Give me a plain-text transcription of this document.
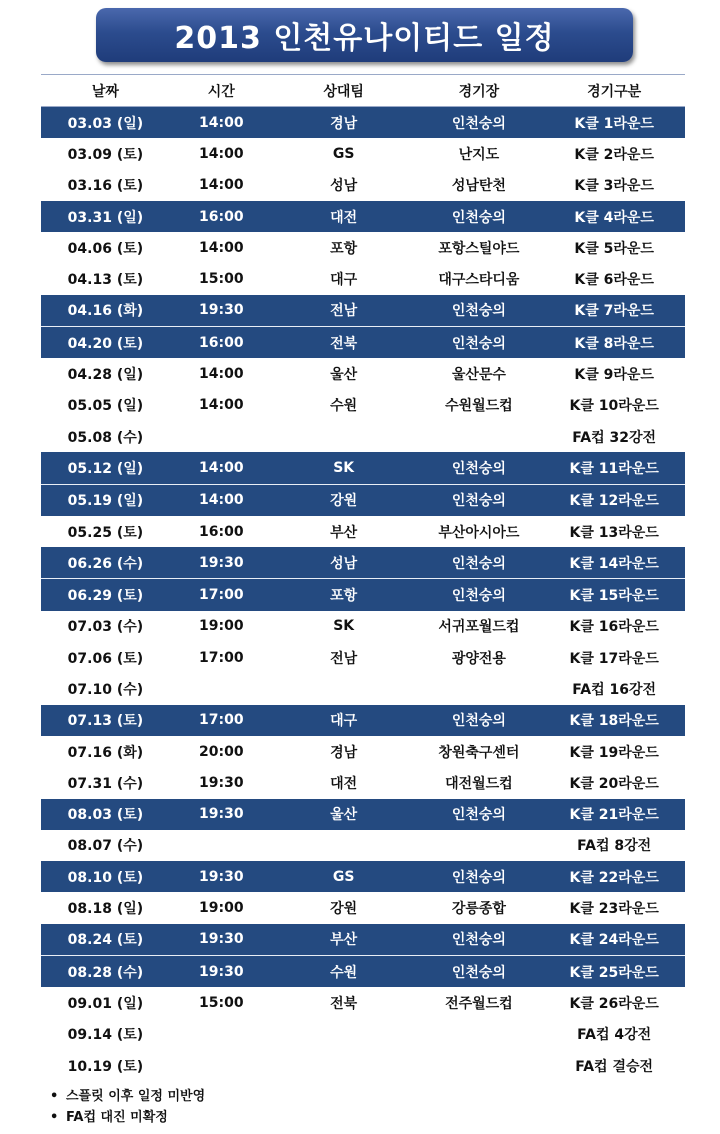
2013 인천유나이티드 일정
날짜	시간	상대팀	경기장	경기구분
03.03 (일)	14:00	경남	인천숭의	K클 1라운드
03.09 (토)	14:00	GS	난지도	K클 2라운드
03.16 (토)	14:00	성남	성남탄천	K클 3라운드
03.31 (일)	16:00	대전	인천숭의	K클 4라운드
04.06 (토)	14:00	포항	포항스틸야드	K클 5라운드
04.13 (토)	15:00	대구	대구스타디움	K클 6라운드
04.16 (화)	19:30	전남	인천숭의	K클 7라운드
04.20 (토)	16:00	전북	인천숭의	K클 8라운드
04.28 (일)	14:00	울산	울산문수	K클 9라운드
05.05 (일)	14:00	수원	수원월드컵	K클 10라운드
05.08 (수)				FA컵 32강전
05.12 (일)	14:00	SK	인천숭의	K클 11라운드
05.19 (일)	14:00	강원	인천숭의	K클 12라운드
05.25 (토)	16:00	부산	부산아시아드	K클 13라운드
06.26 (수)	19:30	성남	인천숭의	K클 14라운드
06.29 (토)	17:00	포항	인천숭의	K클 15라운드
07.03 (수)	19:00	SK	서귀포월드컵	K클 16라운드
07.06 (토)	17:00	전남	광양전용	K클 17라운드
07.10 (수)				FA컵 16강전
07.13 (토)	17:00	대구	인천숭의	K클 18라운드
07.16 (화)	20:00	경남	창원축구센터	K클 19라운드
07.31 (수)	19:30	대전	대전월드컵	K클 20라운드
08.03 (토)	19:30	울산	인천숭의	K클 21라운드
08.07 (수)				FA컵 8강전
08.10 (토)	19:30	GS	인천숭의	K클 22라운드
08.18 (일)	19:00	강원	강릉종합	K클 23라운드
08.24 (토)	19:30	부산	인천숭의	K클 24라운드
08.28 (수)	19:30	수원	인천숭의	K클 25라운드
09.01 (일)	15:00	전북	전주월드컵	K클 26라운드
09.14 (토)				FA컵 4강전
10.19 (토)				FA컵 결승전
• 스플릿 이후 일정 미반영
• FA컵 대진 미확정
